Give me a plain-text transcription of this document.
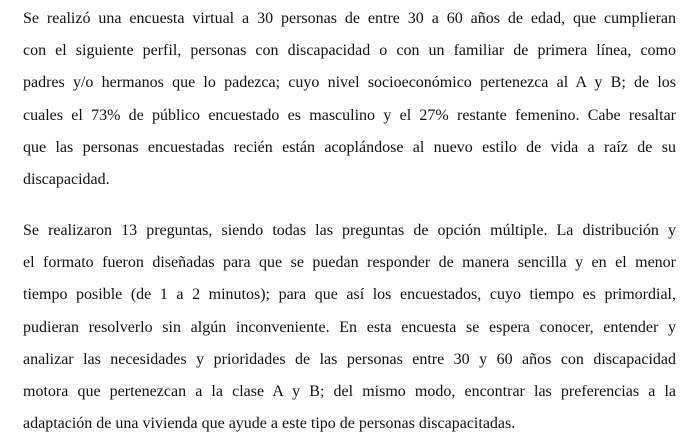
Se realizó una encuesta virtual a 30 personas de entre 30 a 60 años de edad, que cumplieran
con el siguiente perfil, personas con discapacidad o con un familiar de primera línea, como
padres y/o hermanos que lo padezca; cuyo nivel socioeconómico pertenezca al A y B; de los
cuales el 73% de público encuestado es masculino y el 27% restante femenino. Cabe resaltar
que las personas encuestadas recién están acoplándose al nuevo estilo de vida a raíz de su
discapacidad.

Se realizaron 13 preguntas, siendo todas las preguntas de opción múltiple. La distribución y
el formato fueron diseñadas para que se puedan responder de manera sencilla y en el menor
tiempo posible (de 1 a 2 minutos); para que así los encuestados, cuyo tiempo es primordial,
pudieran resolverlo sin algún inconveniente. En esta encuesta se espera conocer, entender y
analizar las necesidades y prioridades de las personas entre 30 y 60 años con discapacidad
motora que pertenezcan a la clase A y B; del mismo modo, encontrar las preferencias a la
adaptación de una vivienda que ayude a este tipo de personas discapacitadas.
